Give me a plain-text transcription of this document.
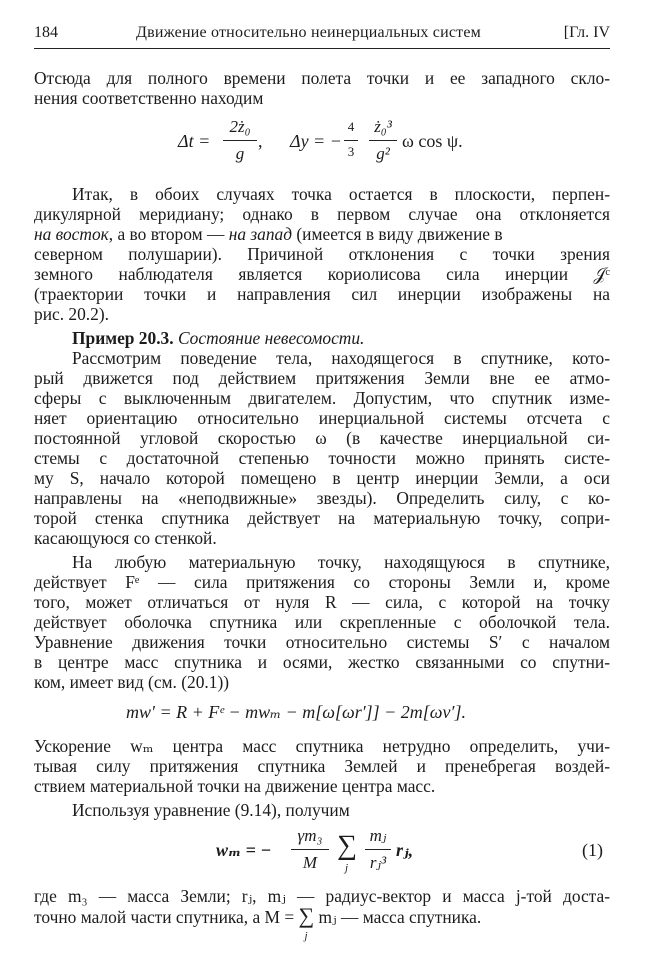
184	Движение относительно неинерциальных систем	[Гл. IV
Отсюда для полного времени полета точки и ее западного скло-
нения соответственно находим
Δt =
2ż₀
g
, Δy = −
4
3
ż₀³
g²
ω cos ψ.
Итак, в обоих случаях точка остается в плоскости, перпен-
дикулярной меридиану; однако в первом случае она отклоняется
на восток, а во втором — на запад (имеется в виду движение в
северном полушарии). Причиной отклонения с точки зрения
земного наблюдателя является кориолисова сила инерции 𝒥ᶜ
(траектории точки и направления сил инерции изображены на
рис. 20.2).
Пример 20.3. Состояние невесомости.
Рассмотрим поведение тела, находящегося в спутнике, кото-
рый движется под действием притяжения Земли вне ее атмо-
сферы с выключенным двигателем. Допустим, что спутник изме-
няет ориентацию относительно инерциальной системы отсчета с
постоянной угловой скоростью ω (в качестве инерциальной си-
стемы с достаточной степенью точности можно принять систе-
му S, начало которой помещено в центр инерции Земли, а оси
направлены на «неподвижные» звезды). Определить силу, с ко-
торой стенка спутника действует на материальную точку, сопри-
касающуюся со стенкой.
На любую материальную точку, находящуюся в спутнике,
действует Fᵉ — сила притяжения со стороны Земли и, кроме
того, может отличаться от нуля R — сила, с которой на точку
действует оболочка спутника или скрепленные с оболочкой тела.
Уравнение движения точки относительно системы S′ с началом
в центре масс спутника и осями, жестко связанными со спутни-
ком, имеет вид (см. (20.1))
mw′ = R + Fᵉ − mwₘ − m[ω[ωr′]] − 2m[ωv′].
Ускорение wₘ центра масс спутника нетрудно определить, учи-
тывая силу притяжения спутника Землей и пренебрегая воздей-
ствием материальной точки на движение центра масс.
Используя уравнение (9.14), получим
wₘ = −
γm₃
M
∑
j
mⱼ
rⱼ³
rⱼ,	(1)
где m₃ — масса Земли; rⱼ, mⱼ — радиус-вектор и масса j-той доста-
точно малой части спутника, а M = ∑
j
mⱼ — масса спутника.
